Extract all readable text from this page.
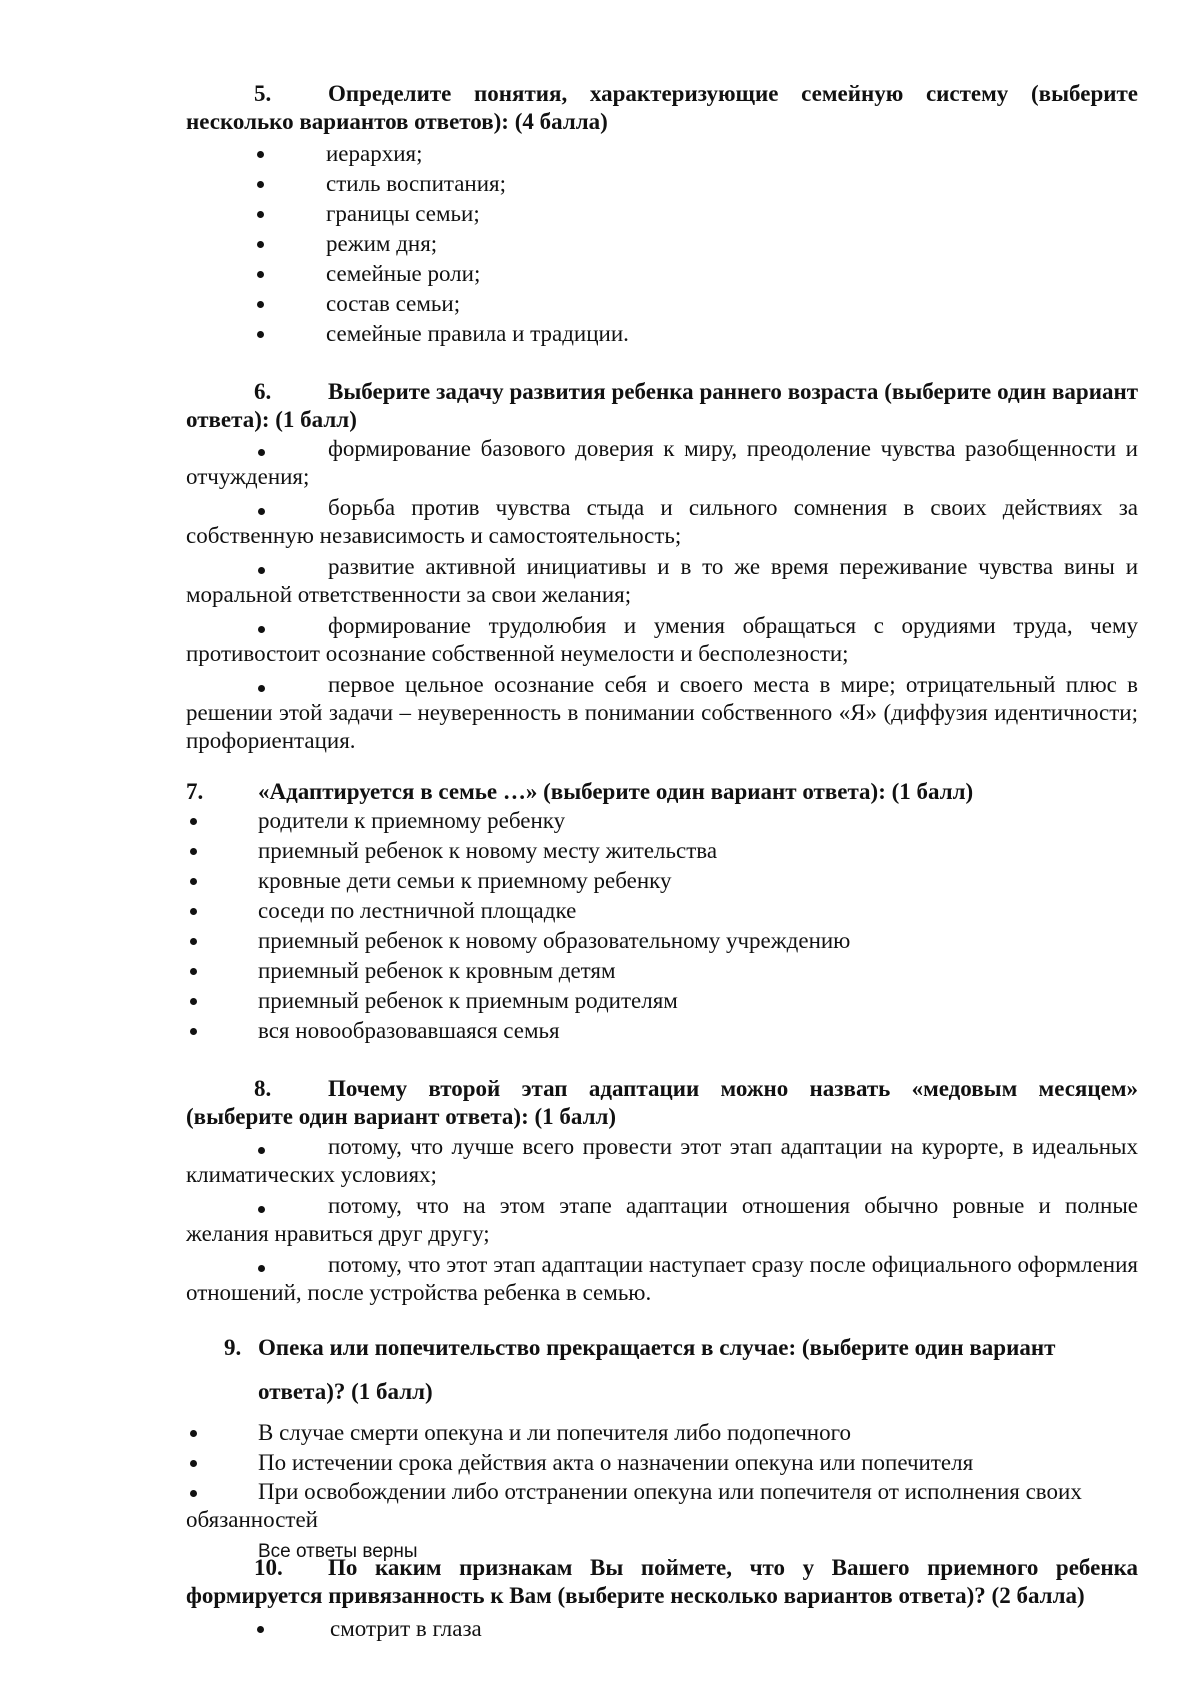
5. Определите понятия, характеризующие семейную систему (выберите несколько вариантов ответов): (4 балла)
иерархия;
стиль воспитания;
границы семьи;
режим дня;
семейные роли;
состав семьи;
семейные правила и традиции.
6. Выберите задачу развития ребенка раннего возраста (выберите один вариант ответа): (1 балл)
формирование базового доверия к миру, преодоление чувства разобщенности и отчуждения;
борьба против чувства стыда и сильного сомнения в своих действиях за собственную независимость и самостоятельность;
развитие активной инициативы и в то же время переживание чувства вины и моральной ответственности за свои желания;
формирование трудолюбия и умения обращаться с орудиями труда, чему противостоит осознание собственной неумелости и бесполезности;
первое цельное осознание себя и своего места в мире; отрицательный плюс в решении этой задачи – неуверенность в понимании собственного «Я» (диффузия идентичности; профориентация.
7. «Адаптируется в семье …» (выберите один вариант ответа): (1 балл)
родители к приемному ребенку
приемный ребенок к новому месту жительства
кровные дети семьи к приемному ребенку
соседи по лестничной площадке
приемный ребенок к новому образовательному учреждению
приемный ребенок к кровным детям
приемный ребенок к приемным родителям
вся новообразовавшаяся семья
8. Почему второй этап адаптации можно назвать «медовым месяцем» (выберите один вариант ответа): (1 балл)
потому, что лучше всего провести этот этап адаптации на курорте, в идеальных климатических условиях;
потому, что на этом этапе адаптации отношения обычно ровные и полные желания нравиться друг другу;
потому, что этот этап адаптации наступает сразу после официального оформления отношений, после устройства ребенка в семью.
9. Опека или попечительство прекращается в случае: (выберите один вариант
ответа)? (1 балл)
В случае смерти опекуна и ли попечителя либо подопечного
По истечении срока действия акта о назначении опекуна или попечителя
При освобождении либо отстранении опекуна или попечителя от исполнения своих обязанностей
Все ответы верны
10. По каким признакам Вы поймете, что у Вашего приемного ребенка формируется привязанность к Вам (выберите несколько вариантов ответа)? (2 балла)
смотрит в глаза
